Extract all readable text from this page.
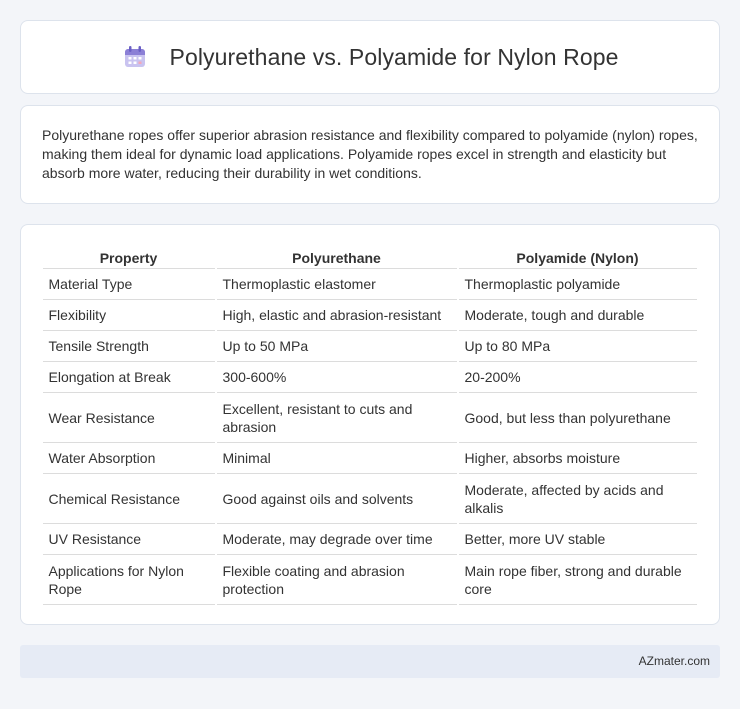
Polyurethane vs. Polyamide for Nylon Rope

Polyurethane ropes offer superior abrasion resistance and flexibility compared to polyamide (nylon) ropes, making them ideal for dynamic load applications. Polyamide ropes excel in strength and elasticity but absorb more water, reducing their durability in wet conditions.

Property	Polyurethane	Polyamide (Nylon)
Material Type	Thermoplastic elastomer	Thermoplastic polyamide
Flexibility	High, elastic and abrasion-resistant	Moderate, tough and durable
Tensile Strength	Up to 50 MPa	Up to 80 MPa
Elongation at Break	300-600%	20-200%
Wear Resistance	Excellent, resistant to cuts and abrasion	Good, but less than polyurethane
Water Absorption	Minimal	Higher, absorbs moisture
Chemical Resistance	Good against oils and solvents	Moderate, affected by acids and alkalis
UV Resistance	Moderate, may degrade over time	Better, more UV stable
Applications for Nylon Rope	Flexible coating and abrasion protection	Main rope fiber, strong and durable core
AZmater.com
